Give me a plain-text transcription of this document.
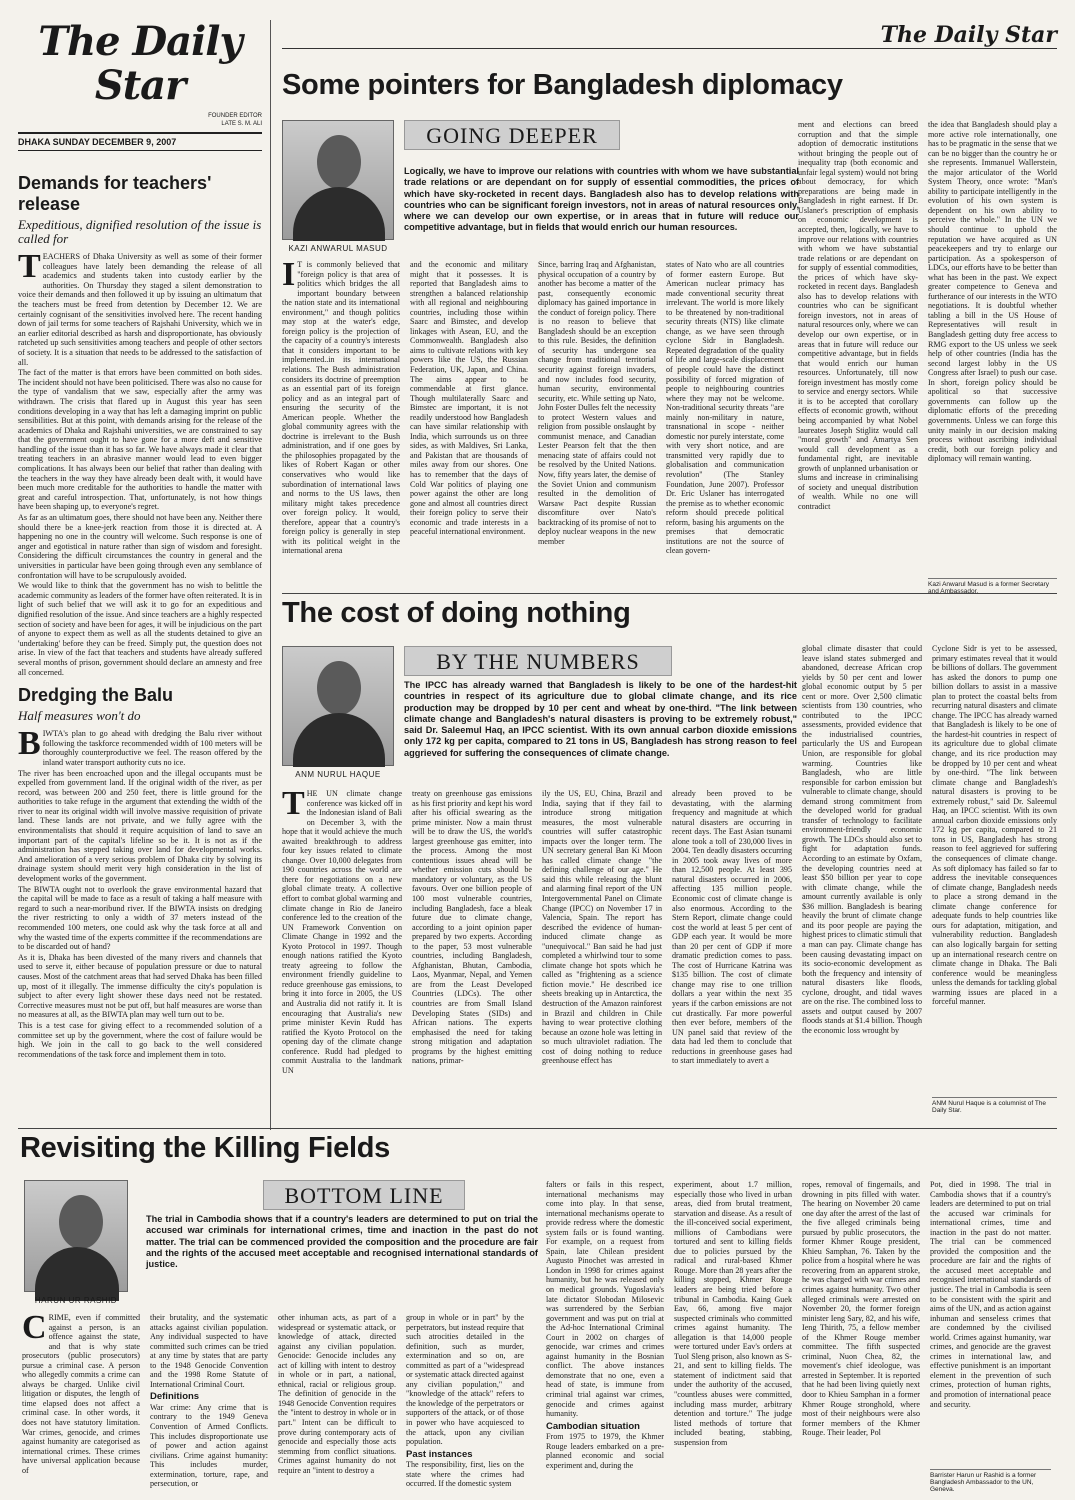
The Daily Star
FOUNDER EDITOR
LATE S. M. ALI
DHAKA SUNDAY DECEMBER 9, 2007
Demands for teachers' release
Expeditious, dignified resolution of the issue is called for
TEACHERS of Dhaka University as well as some of their former colleagues have lately been demanding the release of all academics and students taken into custody earlier by the authorities. On Thursday they staged a silent demonstration to voice their demands and then followed it up by issuing an ultimatum that the teachers must be freed from detention by December 12. We are certainly cognisant of the sensitivities involved here. The recent handing down of jail terms for some teachers of Rajshahi University, which we in an earlier editorial described as harsh and disproportionate, has obviously ratcheted up such sensitivities among teachers and people of other sectors of society. It is a situation that needs to be addressed to the satisfaction of all.
The fact of the matter is that errors have been committed on both sides. The incident should not have been politicised. There was also no cause for the type of vandalism that we saw, especially after the army was withdrawn. The crisis that flared up in August this year has seen conditions developing in a way that has left a damaging imprint on public sensibilities. But at this point, with demands arising for the release of the academics of Dhaka and Rajshahi universities, we are constrained to say that the government ought to have gone for a more deft and sensitive handling of the issue than it has so far. We have always made it clear that treating teachers in an abrasive manner would lead to even bigger complications. It has always been our belief that rather than dealing with the teachers in the way they have already been dealt with, it would have been much more creditable for the authorities to handle the matter with great and careful introspection. That, unfortunately, is not how things have been shaping up, to everyone's regret.
As far as an ultimatum goes, there should not have been any. Neither there should there be a knee-jerk reaction from those it is directed at. A happening no one in the country will welcome. Such response is one of anger and egotistical in nature rather than sign of wisdom and foresight. Considering the difficult circumstances the country in general and the universities in particular have been going through even any semblance of confrontation will have to be scrupulously avoided.
We would like to think that the government has no wish to belittle the academic community as leaders of the former have often reiterated. It is in light of such belief that we will ask it to go for an expeditious and dignified resolution of the issue. And since teachers are a highly respected section of society and have been for ages, it will be injudicious on the part of anyone to expect them as well as all the students detained to give an 'undertaking' before they can be freed. Simply put, the question does not arise. In view of the fact that teachers and students have already suffered several months of prison, government should declare an amnesty and free all concerned.
Dredging the Balu
Half measures won't do
BIWTA's plan to go ahead with dredging the Balu river without following the taskforce recommended width of 100 meters will be thoroughly counterproductive we feel. The reason offered by the inland water transport authority cuts no ice.
The river has been encroached upon and the illegal occupants must be expelled from government land. If the original width of the river, as per record, was between 200 and 250 feet, there is little ground for the authorities to take refuge in the argument that extending the width of the river to near its original width will involve massive requisition of private land. These lands are not private, and we fully agree with the environmentalists that should it require acquisition of land to save an important part of the capital's lifeline so be it. It is not as if the administration has stepped taking over land for developmental works. And amelioration of a very serious problem of Dhaka city by solving its drainage system should merit very high consideration in the list of development works of the government.
The BIWTA ought not to overlook the grave environmental hazard that the capital will be made to face as a result of taking a half measure with regard to such a near-moribund river. If the BIWTA insists on dredging the river restricting to only a width of 37 meters instead of the recommended 100 meters, one could ask why the task force at all and why the wasted time of the experts committee if the recommendations are to be discarded out of hand?
As it is, Dhaka has been divested of the many rivers and channels that used to serve it, either because of population pressure or due to natural causes. Most of the catchment areas that had served Dhaka has been filled up, most of it illegally. The immense difficulty the city's population is subject to after every light shower these days need not be restated. Corrective measures must not be put off, but half measures are worse than no measures at all, as the BIWTA plan may well turn out to be.
This is a test case for giving effect to a recommended solution of a committee set up by the government, where the cost of failure would be high. We join in the call to go back to the well considered recommendations of the task force and implement them in toto.
The Daily Star
Some pointers for Bangladesh diplomacy
GOING DEEPER
KAZI ANWARUL MASUD
Logically, we have to improve our relations with countries with whom we have substantial trade relations or are dependant on for supply of essential commodities, the prices of which have sky-rocketed in recent days. Bangladesh also has to develop relations with countries who can be significant foreign investors, not in areas of natural resources only, where we can develop our own expertise, or in areas that in future will reduce our competitive advantage, but in fields that would enrich our human resources.
I T is commonly believed that "foreign policy is that area of politics which bridges the all important boundary between the nation state and its international environment," and though politics may stop at the water's edge, foreign policy is the projection of the capacity of a country's interests that it considers important to be implemented..in its international relations. The Bush administration considers its doctrine of preemption as an essential part of its foreign policy and as an integral part of ensuring the security of the American people. Whether the global community agrees with the doctrine is irrelevant to the Bush administration, and if one goes by the philosophies propagated by the likes of Robert Kagan or other conservatives who would like subordination of international laws and norms to the US laws, then military might takes precedence over foreign policy. It would, therefore, appear that a country's foreign policy is generally in step with its political weight in the international arena
and the economic and military might that it possesses. It is reported that Bangladesh aims to strengthen a balanced relationship with all regional and neighbouring countries, including those within Saarc and Bimstec, and develop linkages with Asean, EU, and the Commonwealth. Bangladesh also aims to cultivate relations with key powers like the US, the Russian Federation, UK, Japan, and China. The aims appear to be commendable at first glance. Though multilaterally Saarc and Bimstec are important, it is not readily understood how Bangladesh can have similar relationship with India, which surrounds us on three sides, as with Maldives, Sri Lanka, and Pakistan that are thousands of miles away from our shores. One has to remember that the days of Cold War politics of playing one power against the other are long gone and almost all countries direct their foreign policy to serve their economic and trade interests in a peaceful international environment.
Since, barring Iraq and Afghanistan, physical occupation of a country by another has become a matter of the past, consequently economic diplomacy has gained importance in the conduct of foreign policy. There is no reason to believe that Bangladesh should be an exception to this rule. Besides, the definition of security has undergone sea change from traditional territorial security against foreign invaders, and now includes food security, human security, environmental security, etc. While setting up Nato, John Foster Dulles felt the necessity to protect Western values and religion from possible onslaught by communist menace, and Canadian Lester Pearson felt that the then menacing state of affairs could not be resolved by the United Nations. Now, fifty years later, the demise of the Soviet Union and communism resulted in the demolition of Warsaw Pact despite Russian discomfiture over Nato's backtracking of its promise of not to deploy nuclear weapons in the new member
states of Nato who are all countries of former eastern Europe. But American nuclear primacy has made conventional security threat irrelevant. The world is more likely to be threatened by non-traditional security threats (NTS) like climate change, as we have seen through cyclone Sidr in Bangladesh. Repeated degradation of the quality of life and large-scale displacement of people could have the distinct possibility of forced migration of people to neighbouring countries where they may not be welcome. Non-traditional security threats "are mainly non-military in nature, transnational in scope - neither domestic nor purely interstate, come with very short notice, and are transmitted very rapidly due to globalisation and communication revolution" (The Stanley Foundation, June 2007). Professor Dr. Eric Uslaner has interrogated the premise as to whether economic reform should precede political reform, basing his arguments on the premises that democratic institutions are not the source of clean govern-
ment and elections can breed corruption and that the simple adoption of democratic institutions without bringing the people out of inequality trap (both economic and unfair legal system) would not bring about democracy, for which preparations are being made in Bangladesh in right earnest. If Dr. Uslaner's prescription of emphasis on economic development is accepted, then, logically, we have to improve our relations with countries with whom we have substantial trade relations or are dependant on for supply of essential commodities, the prices of which have sky-rocketed in recent days. Bangladesh also has to develop relations with countries who can be significant foreign investors, not in areas of natural resources only, where we can develop our own expertise, or in areas that in future will reduce our competitive advantage, but in fields that would enrich our human resources. Unfortunately, till now foreign investment has mostly come to service and energy sectors. While it is to be accepted that corollary effects of economic growth, without being accompanied by what Nobel laureates Joseph Stiglitz would call "moral growth" and Amartya Sen would call development as a fundamental right, are inevitable growth of unplanned urbanisation or slums and increase in criminalising of society and unequal distribution of wealth. While no one will contradict
the idea that Bangladesh should play a more active role internationally, one has to be pragmatic in the sense that we can be no bigger than the country he or she represents. Immanuel Wallerstein, the major articulator of the World System Theory, once wrote: "Man's ability to participate intelligently in the evolution of his own system is dependent on his own ability to perceive the whole." In the UN we should continue to uphold the reputation we have acquired as UN peacekeepers and try to enlarge our participation. As a spokesperson of LDCs, our efforts have to be better than what has been in the past. We expect greater competence to Geneva and furtherance of our interests in the WTO negotiations. It is doubtful whether tabling a bill in the US House of Representatives will result in Bangladesh getting duty free access to RMG export to the US unless we seek help of other countries (India has the second largest lobby in the US Congress after Israel) to push our case. In short, foreign policy should be apolitical so that successive governments can follow up the diplomatic efforts of the preceding governments. Unless we can forge this unity mainly in our decision making process without ascribing individual credit, both our foreign policy and diplomacy will remain wanting.
Kazi Anwarul Masud is a former Secretary and Ambassador.
The cost of doing nothing
BY THE NUMBERS
ANM NURUL HAQUE
The IPCC has already warned that Bangladesh is likely to be one of the hardest-hit countries in respect of its agriculture due to global climate change, and its rice production may be dropped by 10 per cent and wheat by one-third. "The link between climate change and Bangladesh's natural disasters is proving to be extremely robust," said Dr. Saleemul Haq, an IPCC scientist. With its own annual carbon dioxide emissions only 172 kg per capita, compared to 21 tons in US, Bangladesh has strong reason to feel aggrieved for suffering the consequences of climate change.
THE UN climate change conference was kicked off in the Indonesian island of Bali on December 3, with the hope that it would achieve the much awaited breakthrough to address four key issues related to climate change. Over 10,000 delegates from 190 countries across the world are there for negotiations on a new global climate treaty. A collective effort to combat global warming and climate change in Rio de Janeiro conference led to the creation of the UN Framework Convention on Climate Change in 1992 and the Kyoto Protocol in 1997. Though enough nations ratified the Kyoto treaty agreeing to follow the environment friendly guideline to reduce greenhouse gas emissions, to bring it into force in 2005, the US and Australia did not ratify it. It is encouraging that Australia's new prime minister Kevin Rudd has ratified the Kyoto Protocol on the opening day of the climate change conference. Rudd had pledged to commit Australia to the landmark UN
treaty on greenhouse gas emissions as his first priority and kept his word after his official swearing as the prime minister. Now a main thrust will be to draw the US, the world's largest greenhouse gas emitter, into the process. Among the most contentious issues ahead will be whether emission cuts should be mandatory or voluntary, as the US favours. Over one billion people of 100 most vulnerable countries, including Bangladesh, face a bleak future due to climate change, according to a joint opinion paper prepared by two experts. According to the paper, 53 most vulnerable countries, including Bangladesh, Afghanistan, Bhutan, Cambodia, Laos, Myanmar, Nepal, and Yemen are from the Least Developed Countries (LDCs). The other countries are from Small Island Developing States (SIDs) and African nations. The experts emphasised the need for taking strong mitigation and adaptation programs by the highest emitting nations, primar-
ily the US, EU, China, Brazil and India, saying that if they fail to introduce strong mitigation measures, the most vulnerable countries will suffer catastrophic impacts over the longer term. The UN secretary general Ban Ki Moon has called climate change "the defining challenge of our age." He said this while releasing the blunt and alarming final report of the UN Intergovernmental Panel on Climate Change (IPCC) on November 17 in Valencia, Spain. The report has described the evidence of human-induced climate change as "unequivocal." Ban said he had just completed a whirlwind tour to some climate change hot spots which he called as "frightening as a science fiction movie." He described ice sheets breaking up in Antarctica, the destruction of the Amazon rainforest in Brazil and children in Chile having to wear protective clothing because an ozone hole was letting in so much ultraviolet radiation. The cost of doing nothing to reduce greenhouse effect has
already been proved to be devastating, with the alarming frequency and magnitude at which natural disasters are occurring in recent days. The East Asian tsunami alone took a toll of 230,000 lives in 2004. Ten deadly disasters occurring in 2005 took away lives of more than 12,500 people. At least 395 natural disasters occurred in 2006, affecting 135 million people. Economic cost of climate change is also enormous. According to the Stern Report, climate change could cost the world at least 5 per cent of GDP each year. It would be more than 20 per cent of GDP if more dramatic prediction comes to pass. The cost of Hurricane Katrina was $135 billion. The cost of climate change may rise to one trillion dollars a year within the next 35 years if the carbon emissions are not cut drastically. Far more powerful then ever before, members of the UN panel said that review of the data had led them to conclude that reductions in greenhouse gases had to start immediately to avert a
global climate disaster that could leave island states submerged and abandoned, decrease African crop yields by 50 per cent and lower global economic output by 5 per cent or more. Over 2,500 climatic scientists from 130 countries, who contributed to the IPCC assessments, provided evidence that the industrialised countries, particularly the US and European Union, are responsible for global warming. Countries like Bangladesh, who are little responsible for carbon emission but vulnerable to climate change, should demand strong commitment from the developed world for gradual transfer of technology to facilitate environment-friendly economic growth. The LDCs should also set to fight for adaptation funds. According to an estimate by Oxfam, the developing countries need at least $50 billion per year to cope with climate change, while the amount currently available is only $36 million. Bangladesh is bearing heavily the brunt of climate change and its poor people are paying the highest prices to climatic stimuli that a man can pay. Climate change has been causing devastating impact on its socio-economic development as both the frequency and intensity of natural disasters like floods, cyclone, drought, and tidal waves are on the rise. The combined loss to assets and output caused by 2007 floods stands at $1.4 billion. Though the economic loss wrought by
Cyclone Sidr is yet to be assessed, primary estimates reveal that it would be billions of dollars. The government has asked the donors to pump one billion dollars to assist in a massive plan to protect the coastal belts from recurring natural disasters and climate change. The IPCC has already warned that Bangladesh is likely to be one of the hardest-hit countries in respect of its agriculture due to global climate change, and its rice production may be dropped by 10 per cent and wheat by one-third. "The link between climate change and Bangladesh's natural disasters is proving to be extremely robust," said Dr. Saleemul Haq, an IPCC scientist. With its own annual carbon dioxide emissions only 172 kg per capita, compared to 21 tons in US, Bangladesh has strong reason to feel aggrieved for suffering the consequences of climate change. As soft diplomacy has failed so far to address the inevitable consequences of climate change, Bangladesh needs to place a strong demand in the climate change conference for adequate funds to help countries like ours for adaptation, mitigation, and vulnerability reduction. Bangladesh can also logically bargain for setting up an international research centre on climate change in Dhaka. The Bali conference would be meaningless unless the demands for tackling global warming issues are placed in a forceful manner.
ANM Nurul Haque is a columnist of The Daily Star.
Revisiting the Killing Fields
BOTTOM LINE
HARUN UR RASHID
The trial in Cambodia shows that if a country's leaders are determined to put on trial the accused war criminals for international crimes, time and inaction in the past do not matter. The trial can be commenced provided the composition and the procedure are fair and the rights of the accused meet acceptable and recognised international standards of justice.
CRIME, even if committed against a person, is an offence against the state, and that is why state prosecutors (public prosecutors) pursue a criminal case. A person who allegedly commits a crime can always be charged. Unlike civil litigation or disputes, the length of time elapsed does not affect a criminal case. In other words, it does not have statutory limitation. War crimes, genocide, and crimes against humanity are categorised as international crimes. These crimes have universal application because of
their brutality, and the systematic attacks against civilian population. Any individual suspected to have committed such crimes can be tried at any time by states that are party to the 1948 Genocide Convention and the 1998 Rome Statute of International Criminal Court.
Definitions
War crime: Any crime that is contrary to the 1949 Geneva Convention of Armed Conflicts. This includes disproportionate use of power and action against civilians. Crime against humanity: This includes murder, extermination, torture, rape, and persecution, or
other inhuman acts, as part of a widespread or systematic attack, or knowledge of attack, directed against any civilian population. Genocide: Genocide includes any act of killing with intent to destroy in whole or in part, a national, ethnical, racial or religious group. The definition of genocide in the 1948 Genocide Convention requires the "intent to destroy in whole or in part." Intent can be difficult to prove during contemporary acts of genocide and especially those acts stemming from conflict situations. Crimes against humanity do not require an "intent to destroy a
group in whole or in part" by the perpetrators, but instead require that such atrocities detailed in the definition, such as murder, extermination and so on, are committed as part of a "widespread or systematic attack directed against any civilian population," and "knowledge of the attack" refers to the knowledge of the perpetrators or supporters of the attack, or of those in power who have acquiesced to the attack, upon any civilian population.
Past instances
The responsibility, first, lies on the state where the crimes had occurred. If the domestic system
falters or fails in this respect, international mechanisms may come into play. In that sense, international mechanisms operate to provide redress where the domestic system fails or is found wanting. For example, on a request from Spain, late Chilean president Augusto Pinochet was arrested in London in 1998 for crimes against humanity, but he was released only on medical grounds. Yugoslavia's late dictator Slobodan Milosevic was surrendered by the Serbian government and was put on trial at the Ad-hoc International Criminal Court in 2002 on charges of genocide, war crimes and crimes against humanity in the Bosnian conflict. The above instances demonstrate that no one, even a head of state, is immune from criminal trial against war crimes, genocide and crimes against humanity.
Cambodian situation
From 1975 to 1979, the Khmer Rouge leaders embarked on a pre-planned economic and social experiment and, during the
experiment, about 1.7 million, especially those who lived in urban areas, died from brutal treatment, starvation and disease. As a result of the ill-conceived social experiment, millions of Cambodians were tortured and sent to killing fields due to policies pursued by the radical and rural-based Khmer Rouge. More than 28 years after the killing stopped, Khmer Rouge leaders are being tried before a tribunal in Cambodia. Kaing Guek Eav, 66, among five major suspected criminals who committed crimes against humanity. The allegation is that 14,000 people were tortured under Eav's orders at Tuol Sleng prison, also known as S-21, and sent to killing fields. The statement of indictment said that under the authority of the accused, "countless abuses were committed, including mass murder, arbitrary detention and torture." The judge listed methods of torture that included beating, stabbing, suspension from
ropes, removal of fingernails, and drowning in pits filled with water. The hearing on November 20 came one day after the arrest of the last of the five alleged criminals being pursued by public prosecutors, the former Khmer Rouge president, Khieu Samphan, 76. Taken by the police from a hospital where he was recovering from an apparent stroke, he was charged with war crimes and crimes against humanity. Two other alleged criminals were arrested on November 20, the former foreign minister Ieng Sary, 82, and his wife, Ieng Thirith, 75, a fellow member of the Khmer Rouge member committee. The fifth suspected criminal, Nuon Chea, 82, the movement's chief ideologue, was arrested in September. It is reported that he had been living quietly next door to Khieu Samphan in a former Khmer Rouge stronghold, where most of their neighbours were also former members of the Khmer Rouge. Their leader, Pol
Pot, died in 1998. The trial in Cambodia shows that if a country's leaders are determined to put on trial the accused war criminals for international crimes, time and inaction in the past do not matter. The trial can be commenced provided the composition and the procedure are fair and the rights of the accused meet acceptable and recognised international standards of justice. The trial in Cambodia is seen to be consistent with the spirit and aims of the UN, and as action against inhuman and senseless crimes that are condemned by the civilised world. Crimes against humanity, war crimes, and genocide are the gravest crimes in international law, and effective punishment is an important element in the prevention of such crimes, protection of human rights, and promotion of international peace and security.
Barrister Harun ur Rashid is a former Bangladesh Ambassador to the UN, Geneva.
